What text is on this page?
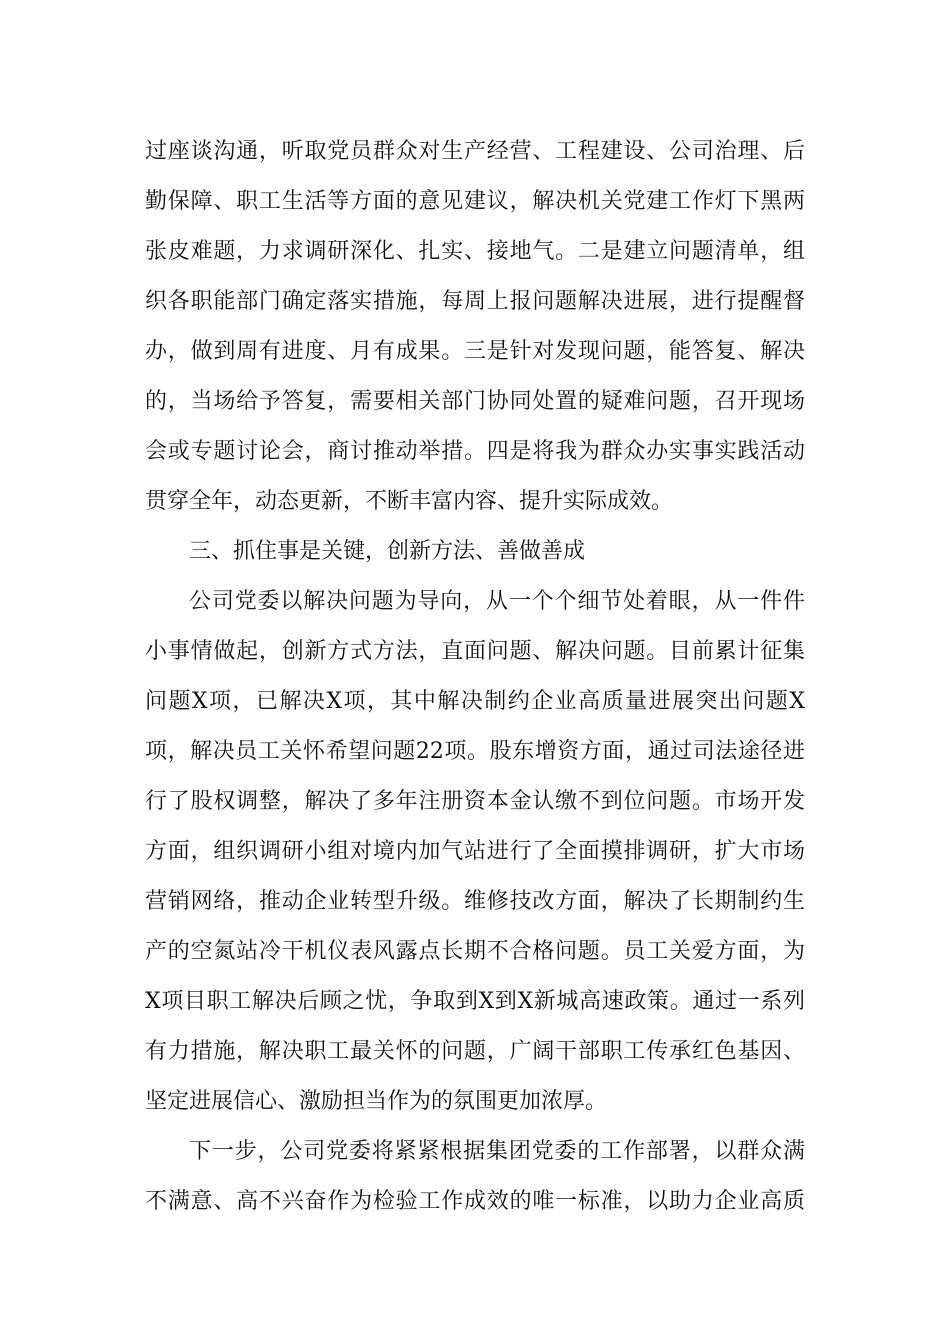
过座谈沟通，听取党员群众对生产经营、工程建设、公司治理、后
勤保障、职工生活等方面的意见建议，解决机关党建工作灯下黑两
张皮难题，力求调研深化、扎实、接地气。二是建立问题清单，组
织各职能部门确定落实措施，每周上报问题解决进展，进行提醒督
办，做到周有进度、月有成果。三是针对发现问题，能答复、解决
的，当场给予答复，需要相关部门协同处置的疑难问题，召开现场
会或专题讨论会，商讨推动举措。四是将我为群众办实事实践活动
贯穿全年，动态更新，不断丰富内容、提升实际成效。
三、抓住事是关键，创新方法、善做善成
公司党委以解决问题为导向，从一个个细节处着眼，从一件件
小事情做起，创新方式方法，直面问题、解决问题。目前累计征集
问题X项，已解决X项，其中解决制约企业高质量进展突出问题X
项，解决员工关怀希望问题22项。股东增资方面，通过司法途径进
行了股权调整，解决了多年注册资本金认缴不到位问题。市场开发
方面，组织调研小组对境内加气站进行了全面摸排调研，扩大市场
营销网络，推动企业转型升级。维修技改方面，解决了长期制约生
产的空氮站冷干机仪表风露点长期不合格问题。员工关爱方面，为
X项目职工解决后顾之忧，争取到X到X新城高速政策。通过一系列
有力措施，解决职工最关怀的问题，广阔干部职工传承红色基因、
坚定进展信心、激励担当作为的氛围更加浓厚。
下一步，公司党委将紧紧根据集团党委的工作部署，以群众满
不满意、高不兴奋作为检验工作成效的唯一标准，以助力企业高质
